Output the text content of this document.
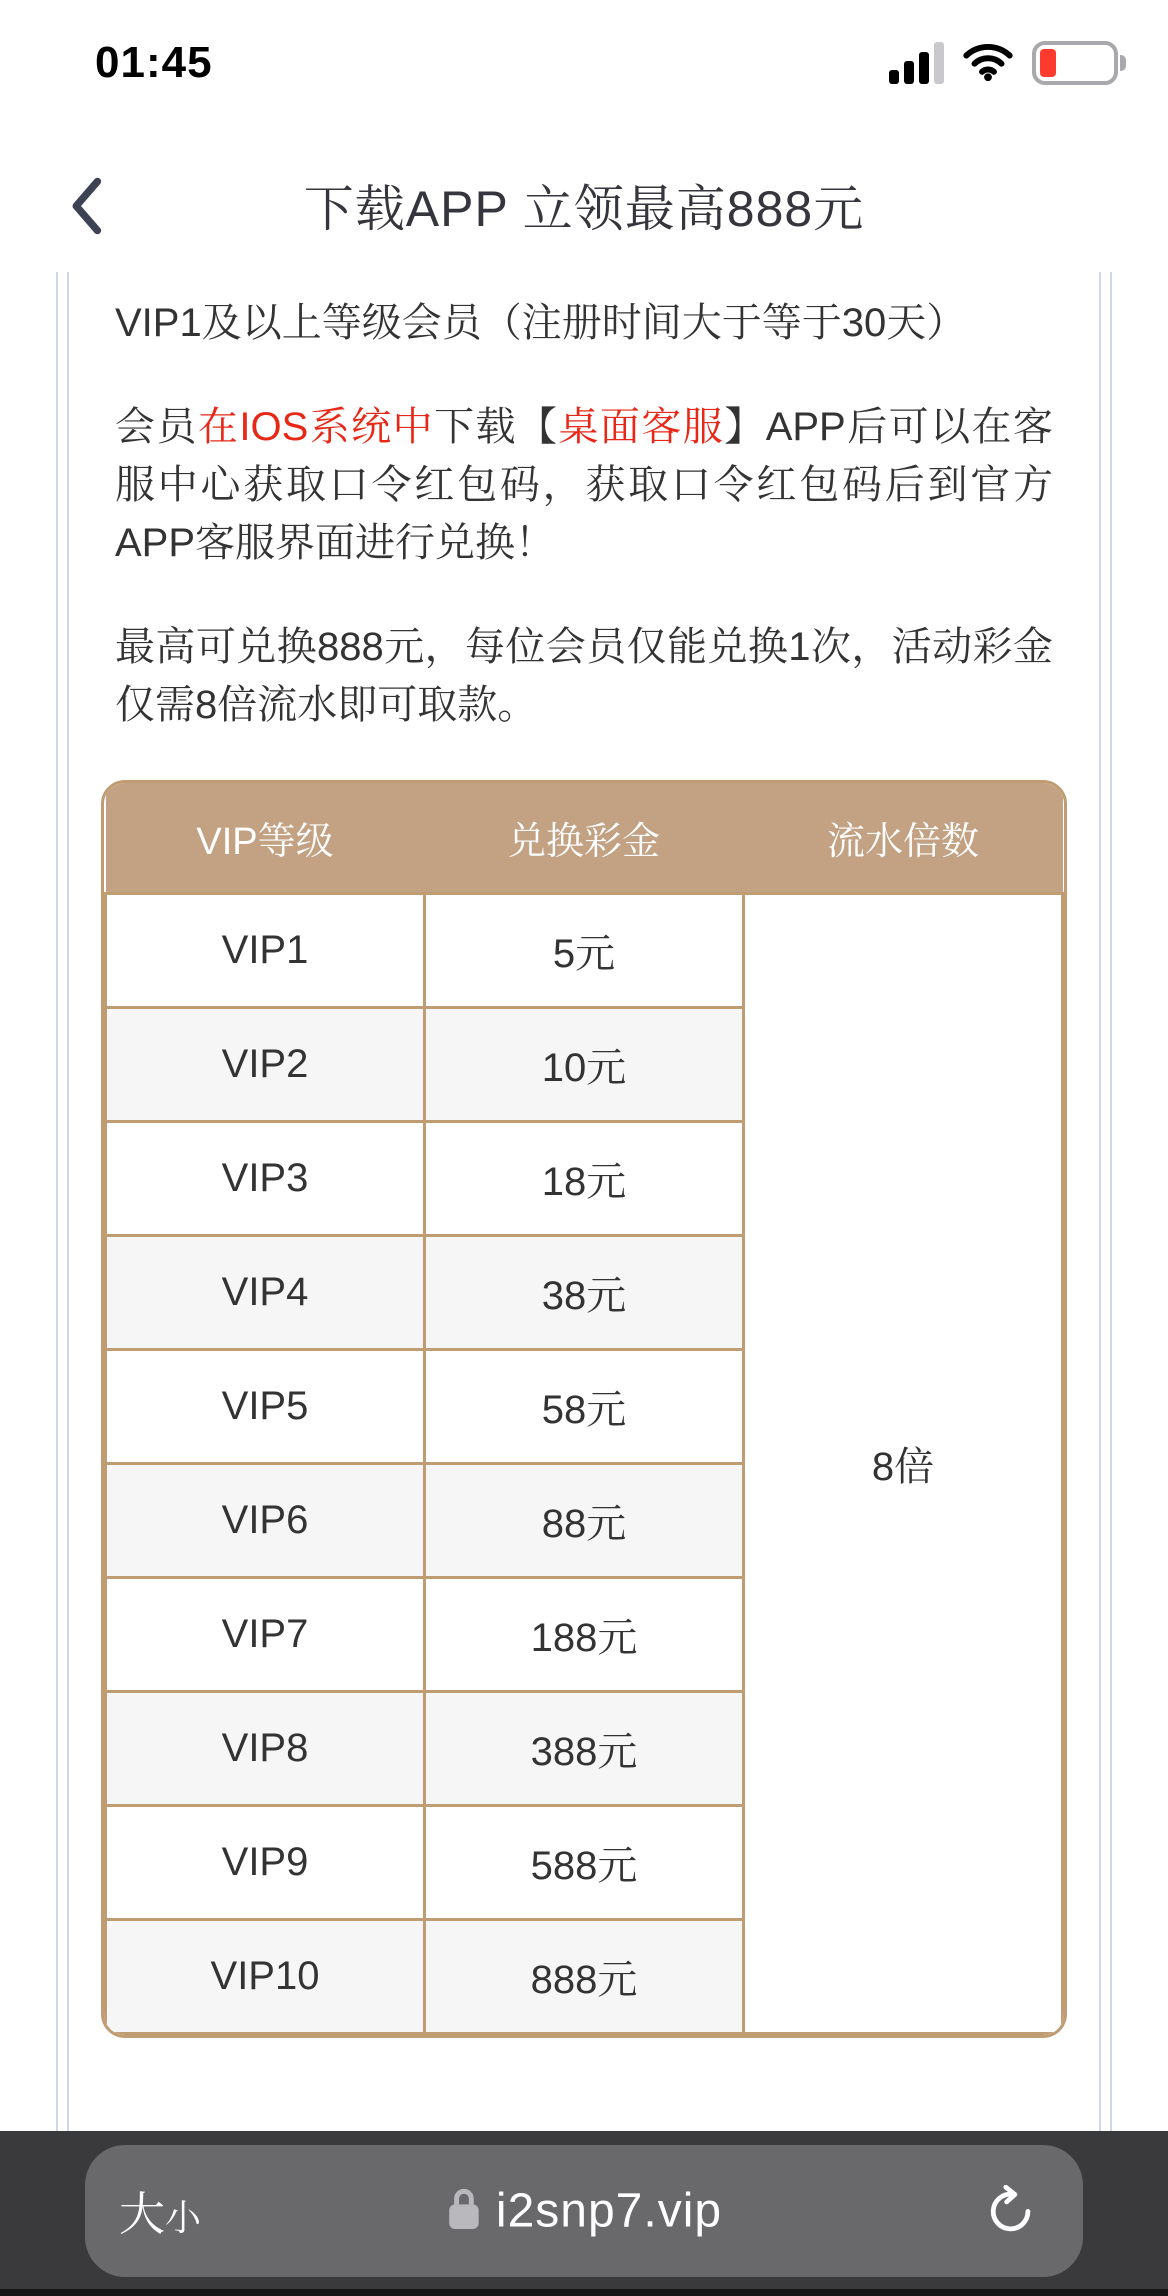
01:45
下载APP 立领最高888元

VIP1及以上等级会员（注册时间大于等于30天）

会员在IOS系统中下载【桌面客服】APP后可以在客服中心获取口令红包码，获取口令红包码后到官方APP客服界面进行兑换！

最高可兑换888元，每位会员仅能兑换1次，活动彩金仅需8倍流水即可取款。

VIP等级	兑换彩金	流水倍数
VIP1	5元	8倍
VIP2	10元	
VIP3	18元	
VIP4	38元	
VIP5	58元	
VIP6	88元	
VIP7	188元	
VIP8	388元	
VIP9	588元	
VIP10	888元	
大 小	i2snp7.vip
